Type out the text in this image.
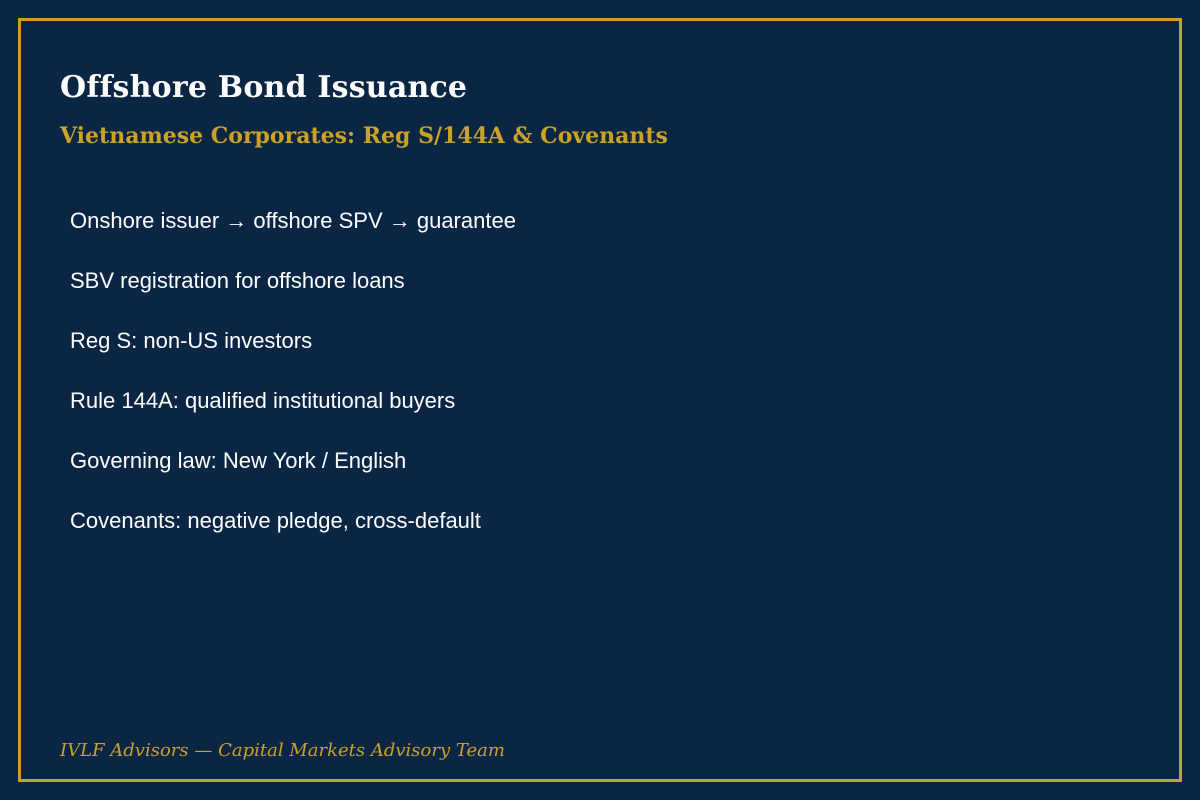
Offshore Bond Issuance
Vietnamese Corporates: Reg S/144A & Covenants
Onshore issuer → offshore SPV → guarantee
SBV registration for offshore loans
Reg S: non-US investors
Rule 144A: qualified institutional buyers
Governing law: New York / English
Covenants: negative pledge, cross-default

IVLF Advisors — Capital Markets Advisory Team
